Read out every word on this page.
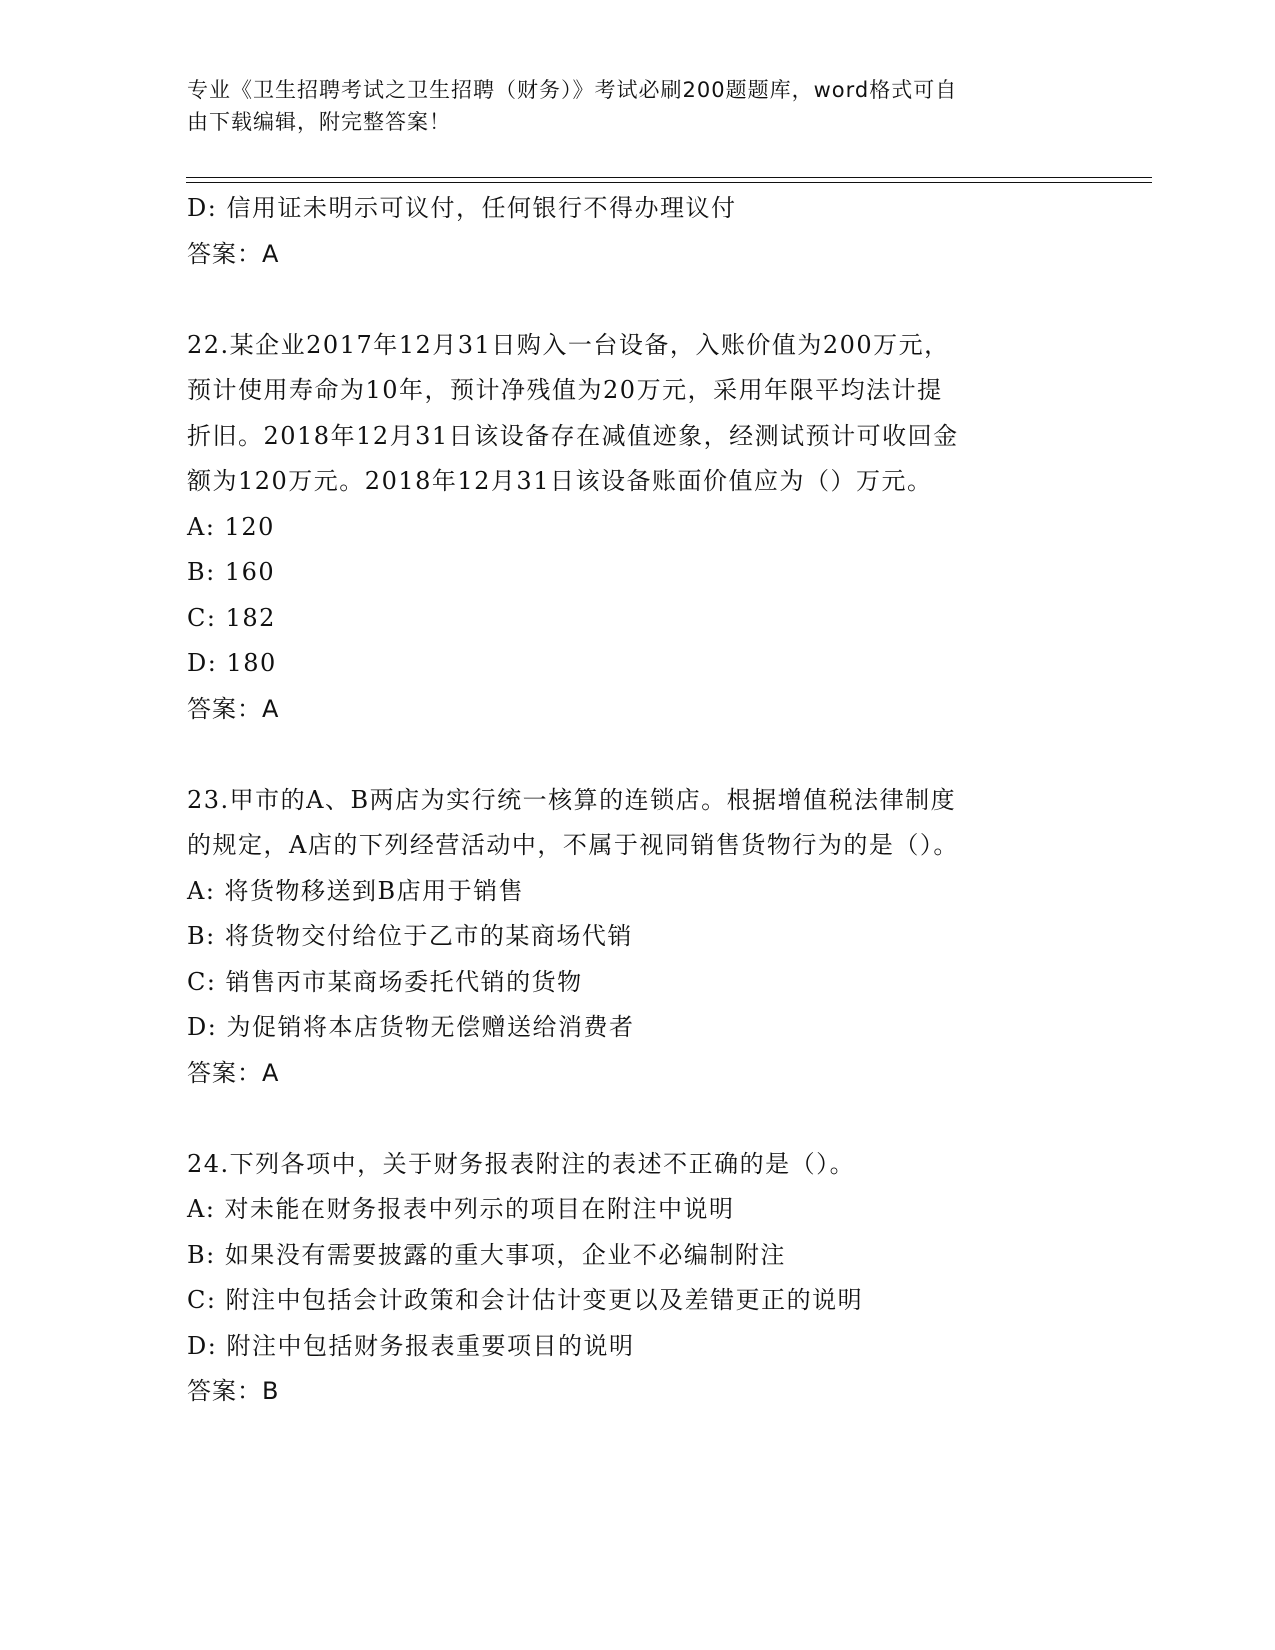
专业《卫生招聘考试之卫生招聘（财务）》考试必刷200题题库，word格式可自
由下载编辑，附完整答案！
D: 信用证未明示可议付，任何银行不得办理议付
答案：A
22.某企业2017年12月31日购入一台设备，入账价值为200万元，
预计使用寿命为10年，预计净残值为20万元，采用年限平均法计提
折旧。2018年12月31日该设备存在减值迹象，经测试预计可收回金
额为120万元。2018年12月31日该设备账面价值应为（）万元。
A: 120
B: 160
C: 182
D: 180
答案：A
23.甲市的A、B两店为实行统一核算的连锁店。根据增值税法律制度
的规定，A店的下列经营活动中，不属于视同销售货物行为的是（）。
A: 将货物移送到B店用于销售
B: 将货物交付给位于乙市的某商场代销
C: 销售丙市某商场委托代销的货物
D: 为促销将本店货物无偿赠送给消费者
答案：A
24.下列各项中，关于财务报表附注的表述不正确的是（）。
A: 对未能在财务报表中列示的项目在附注中说明
B: 如果没有需要披露的重大事项，企业不必编制附注
C: 附注中包括会计政策和会计估计变更以及差错更正的说明
D: 附注中包括财务报表重要项目的说明
答案：B
